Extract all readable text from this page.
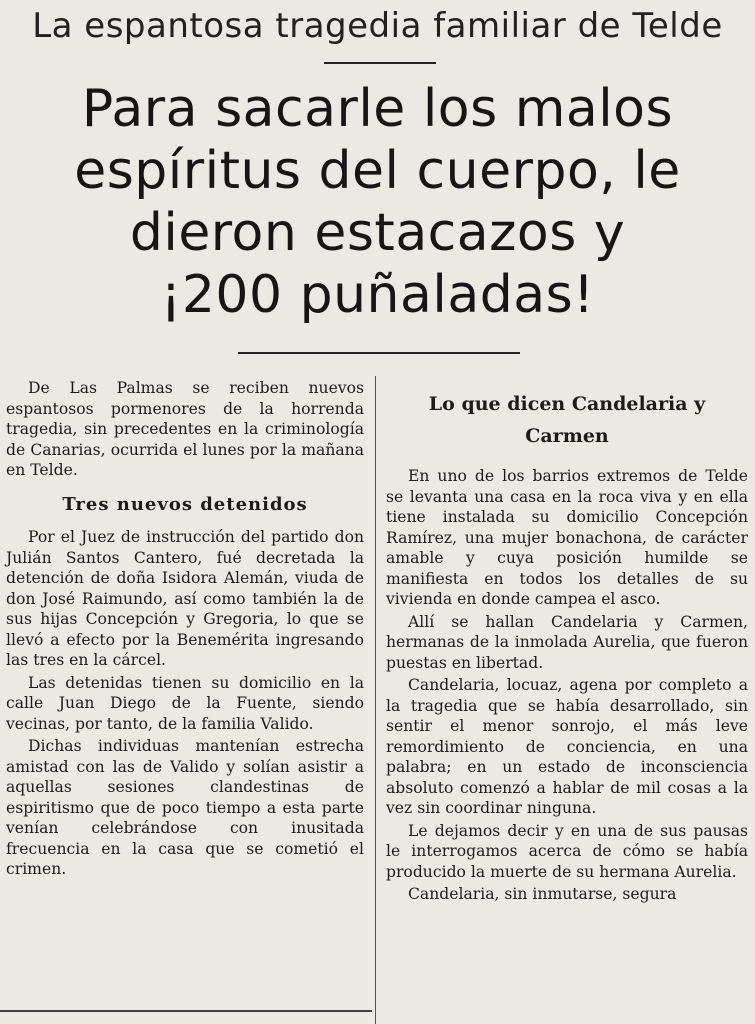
La espantosa tragedia familiar de Telde
Para sacarle los malos
espíritus del cuerpo, le
dieron estacazos y
¡200 puñaladas!

De Las Palmas se reciben nuevos espantosos pormenores de la horrenda tragedia, sin precedentes en la criminología de Canarias, ocurrida el lunes por la mañana en Telde.

Tres nuevos detenidos

Por el Juez de instrucción del partido don Julián Santos Cantero, fué decretada la detención de doña Isidora Alemán, viuda de don José Raimundo, así como también la de sus hijas Concepción y Gregoria, lo que se llevó a efecto por la Benemérita ingresando las tres en la cárcel.

Las detenidas tienen su domicilio en la calle Juan Diego de la Fuente, siendo vecinas, por tanto, de la familia Valido.

Dichas individuas mantenían estrecha amistad con las de Valido y solían asistir a aquellas sesiones clandestinas de espiritismo que de poco tiempo a esta parte venían celebrándose con inusitada frecuencia en la casa que se cometió el crimen.

Lo que dicen Candelaria y
Carmen

En uno de los barrios extremos de Telde se levanta una casa en la roca viva y en ella tiene instalada su domicilio Concepción Ramírez, una mujer bonachona, de carácter amable y cuya posición humilde se manifiesta en todos los detalles de su vivienda en donde campea el asco.

Allí se hallan Candelaria y Carmen, hermanas de la inmolada Aurelia, que fueron puestas en libertad.

Candelaria, locuaz, agena por completo a la tragedia que se había desarrollado, sin sentir el menor sonrojo, el más leve remordimiento de conciencia, en una palabra; en un estado de inconsciencia absoluto comenzó a hablar de mil cosas a la vez sin coordinar ninguna.

Le dejamos decir y en una de sus pausas le interrogamos acerca de cómo se había producido la muerte de su hermana Aurelia.

Candelaria, sin inmutarse, segura
